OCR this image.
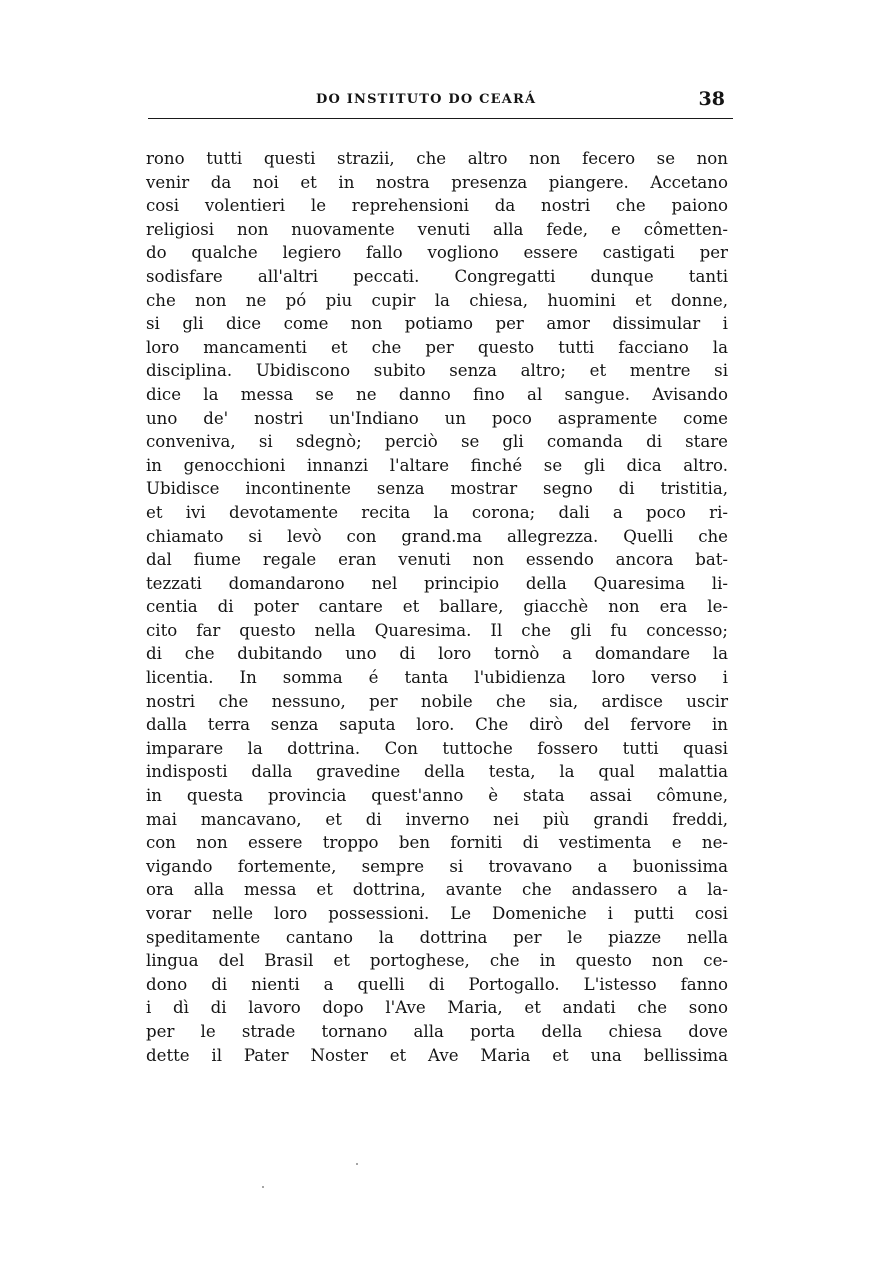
DO INSTITUTO DO CEARÁ	38
rono tutti questi strazii, che altro non fecero se non
venir da noi et in nostra presenza piangere. Accetano
cosi volentieri le reprehensioni da nostri che paiono
religiosi non nuovamente venuti alla fede, e cômetten-
do qualche legiero fallo vogliono essere castigati per
sodisfare all'altri peccati. Congregatti dunque tanti
che non ne pó piu cupir la chiesa, huomini et donne,
si gli dice come non potiamo per amor dissimular i
loro mancamenti et che per questo tutti facciano la
disciplina. Ubidiscono subito senza altro; et mentre si
dice la messa se ne danno fino al sangue. Avisando
uno de' nostri un'Indiano un poco aspramente come
conveniva, si sdegnò; perciò se gli comanda di stare
in genocchioni innanzi l'altare finché se gli dica altro.
Ubidisce incontinente senza mostrar segno di tristitia,
et ivi devotamente recita la corona; dali a poco ri-
chiamato si levò con grand.ma allegrezza. Quelli che
dal fiume regale eran venuti non essendo ancora bat-
tezzati domandarono nel principio della Quaresima li-
centia di poter cantare et ballare, giacchè non era le-
cito far questo nella Quaresima. Il che gli fu concesso;
di che dubitando uno di loro tornò a domandare la
licentia. In somma é tanta l'ubidienza loro verso i
nostri che nessuno, per nobile che sia, ardisce uscir
dalla terra senza saputa loro. Che dirò del fervore in
imparare la dottrina. Con tuttoche fossero tutti quasi
indisposti dalla gravedine della testa, la qual malattia
in questa provincia quest'anno è stata assai cômune,
mai mancavano, et di inverno nei più grandi freddi,
con non essere troppo ben forniti di vestimenta e ne-
vigando fortemente, sempre si trovavano a buonissima
ora alla messa et dottrina, avante che andassero a la-
vorar nelle loro possessioni. Le Domeniche i putti cosi
speditamente cantano la dottrina per le piazze nella
lingua del Brasil et portoghese, che in questo non ce-
dono di nienti a quelli di Portogallo. L'istesso fanno
i dì di lavoro dopo l'Ave Maria, et andati che sono
per le strade tornano alla porta della chiesa dove
dette il Pater Noster et Ave Maria et una bellissima
